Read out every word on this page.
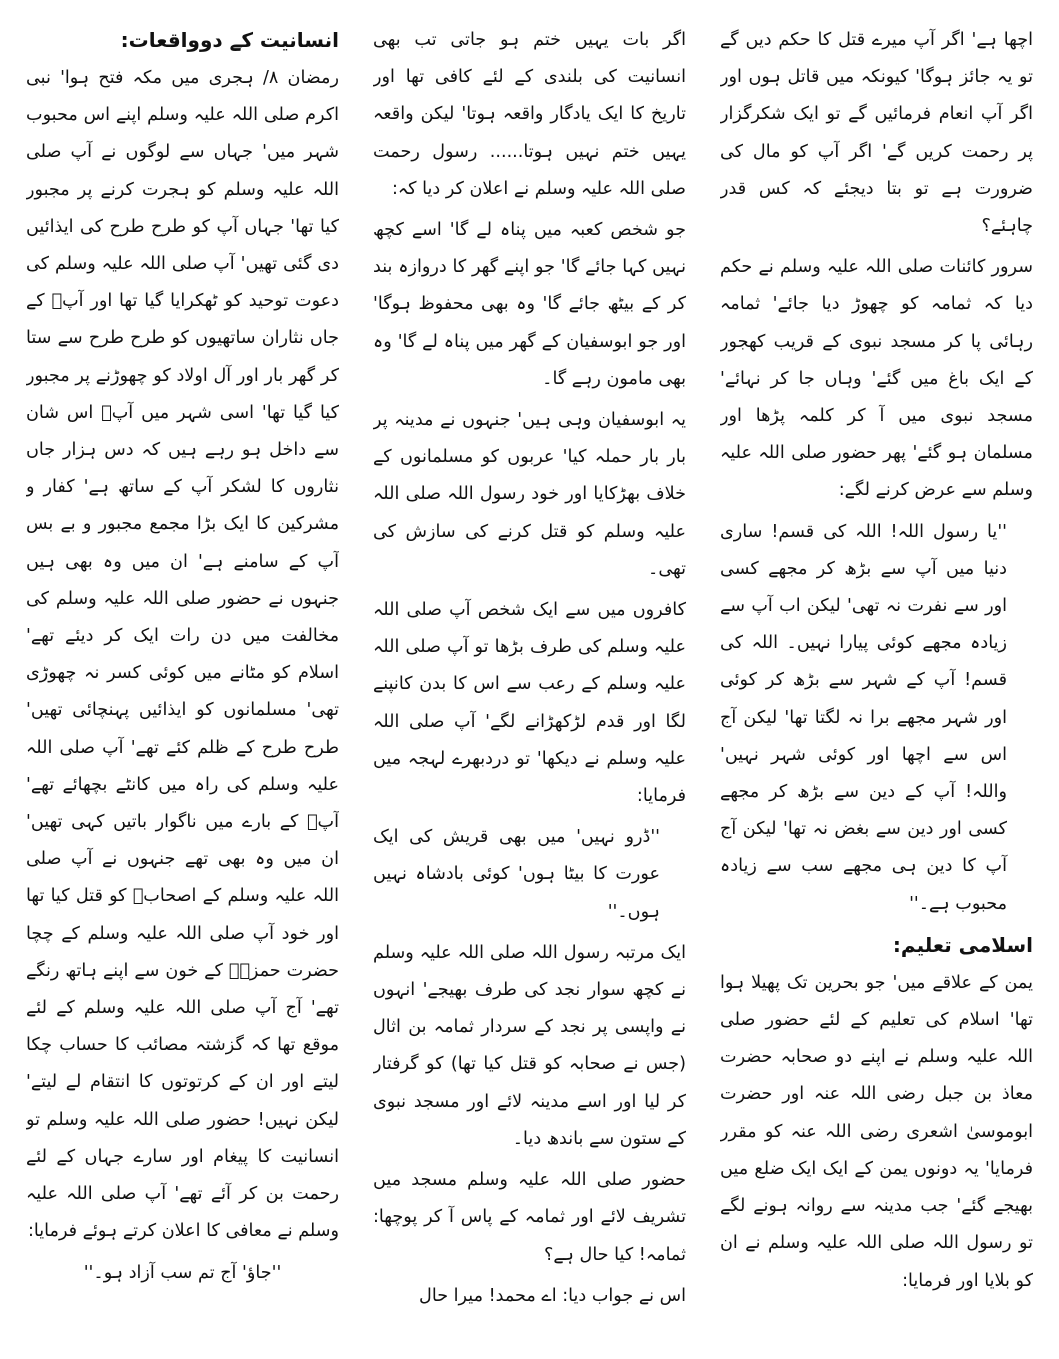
انسانیت کے دوواقعات:

رمضان ۸/ ہجری میں مکہ فتح ہوا' نبی اکرم صلی اللہ علیہ وسلم اپنے اس محبوب شہر میں' جہاں سے لوگوں نے آپ صلی اللہ علیہ وسلم کو ہجرت کرنے پر مجبور کیا تھا' جہاں آپ کو طرح طرح کی ایذائیں دی گئی تھیں' آپ صلی اللہ علیہ وسلم کی دعوت توحید کو ٹھکرایا گیا تھا اور آپؐ کے جاں نثاران ساتھیوں کو طرح طرح سے ستا کر گھر بار اور آل اولاد کو چھوڑنے پر مجبور کیا گیا تھا' اسی شہر میں آپؐ اس شان سے داخل ہو رہے ہیں کہ دس ہزار جاں نثاروں کا لشکر آپ کے ساتھ ہے' کفار و مشرکین کا ایک بڑا مجمع مجبور و بے بس آپ کے سامنے ہے' ان میں وہ بھی ہیں جنہوں نے حضور صلی اللہ علیہ وسلم کی مخالفت میں دن رات ایک کر دیئے تھے' اسلام کو مٹانے میں کوئی کسر نہ چھوڑی تھی' مسلمانوں کو ایذائیں پہنچائی تھیں' طرح طرح کے ظلم کئے تھے' آپ صلی اللہ علیہ وسلم کی راہ میں کانٹے بچھائے تھے' آپؐ کے بارے میں ناگوار باتیں کہی تھیں' ان میں وہ بھی تھے جنہوں نے آپ صلی اللہ علیہ وسلم کے اصحابؓ کو قتل کیا تھا اور خود آپ صلی اللہ علیہ وسلم کے چچا حضرت حمزہؓ کے خون سے اپنے ہاتھ رنگے تھے' آج آپ صلی اللہ علیہ وسلم کے لئے موقع تھا کہ گزشتہ مصائب کا حساب چکا لیتے اور ان کے کرتوتوں کا انتقام لے لیتے' لیکن نہیں! حضور صلی اللہ علیہ وسلم تو انسانیت کا پیغام اور سارے جہاں کے لئے رحمت بن کر آئے تھے' آپ صلی اللہ علیہ وسلم نے معافی کا اعلان کرتے ہوئے فرمایا:

''جاؤ' آج تم سب آزاد ہو۔''

اگر بات یہیں ختم ہو جاتی تب بھی انسانیت کی بلندی کے لئے کافی تھا اور تاریخ کا ایک یادگار واقعہ ہوتا' لیکن واقعہ یہیں ختم نہیں ہوتا...... رسول رحمت صلی اللہ علیہ وسلم نے اعلان کر دیا کہ:

جو شخص کعبہ میں پناہ لے گا' اسے کچھ نہیں کہا جائے گا' جو اپنے گھر کا دروازہ بند کر کے بیٹھ جائے گا' وہ بھی محفوظ ہوگا' اور جو ابوسفیان کے گھر میں پناہ لے گا' وہ بھی مامون رہے گا۔

یہ ابوسفیان وہی ہیں' جنہوں نے مدینہ پر بار بار حملہ کیا' عربوں کو مسلمانوں کے خلاف بھڑکایا اور خود رسول اللہ صلی اللہ علیہ وسلم کو قتل کرنے کی سازش کی تھی۔

کافروں میں سے ایک شخص آپ صلی اللہ علیہ وسلم کی طرف بڑھا تو آپ صلی اللہ علیہ وسلم کے رعب سے اس کا بدن کانپنے لگا اور قدم لڑکھڑانے لگے' آپ صلی اللہ علیہ وسلم نے دیکھا' تو دردبھرے لہجہ میں فرمایا:

''ڈرو نہیں' میں بھی قریش کی ایک عورت کا بیٹا ہوں' کوئی بادشاہ نہیں ہوں۔''

ایک مرتبہ رسول اللہ صلی اللہ علیہ وسلم نے کچھ سوار نجد کی طرف بھیجے' انہوں نے واپسی پر نجد کے سردار ثمامہ بن اثال (جس نے صحابہ کو قتل کیا تھا) کو گرفتار کر لیا اور اسے مدینہ لائے اور مسجد نبوی کے ستون سے باندھ دیا۔

حضور صلی اللہ علیہ وسلم مسجد میں تشریف لائے اور ثمامہ کے پاس آ کر پوچھا: ثمامہ! کیا حال ہے؟

اس نے جواب دیا: اے محمد! میرا حال

اچھا ہے' اگر آپ میرے قتل کا حکم دیں گے تو یہ جائز ہوگا' کیونکہ میں قاتل ہوں اور اگر آپ انعام فرمائیں گے تو ایک شکرگزار پر رحمت کریں گے' اگر آپ کو مال کی ضرورت ہے تو بتا دیجئے کہ کس قدر چاہئے؟

سرور کائنات صلی اللہ علیہ وسلم نے حکم دیا کہ ثمامہ کو چھوڑ دیا جائے' ثمامہ رہائی پا کر مسجد نبوی کے قریب کھجور کے ایک باغ میں گئے' وہاں جا کر نہائے' مسجد نبوی میں آ کر کلمہ پڑھا اور مسلمان ہو گئے' پھر حضور صلی اللہ علیہ وسلم سے عرض کرنے لگے:

''یا رسول اللہ! اللہ کی قسم! ساری دنیا میں آپ سے بڑھ کر مجھے کسی اور سے نفرت نہ تھی' لیکن اب آپ سے زیادہ مجھے کوئی پیارا نہیں۔ اللہ کی قسم! آپ کے شہر سے بڑھ کر کوئی اور شہر مجھے برا نہ لگتا تھا' لیکن آج اس سے اچھا اور کوئی شہر نہیں' واللہ! آپ کے دین سے بڑھ کر مجھے کسی اور دین سے بغض نہ تھا' لیکن آج آپ کا دین ہی مجھے سب سے زیادہ محبوب ہے۔''

اسلامی تعلیم:

یمن کے علاقے میں' جو بحرین تک پھیلا ہوا تھا' اسلام کی تعلیم کے لئے حضور صلی اللہ علیہ وسلم نے اپنے دو صحابہ حضرت معاذ بن جبل رضی اللہ عنہ اور حضرت ابوموسیٰ اشعری رضی اللہ عنہ کو مقرر فرمایا' یہ دونوں یمن کے ایک ایک ضلع میں بھیجے گئے' جب مدینہ سے روانہ ہونے لگے تو رسول اللہ صلی اللہ علیہ وسلم نے ان کو بلایا اور فرمایا:
